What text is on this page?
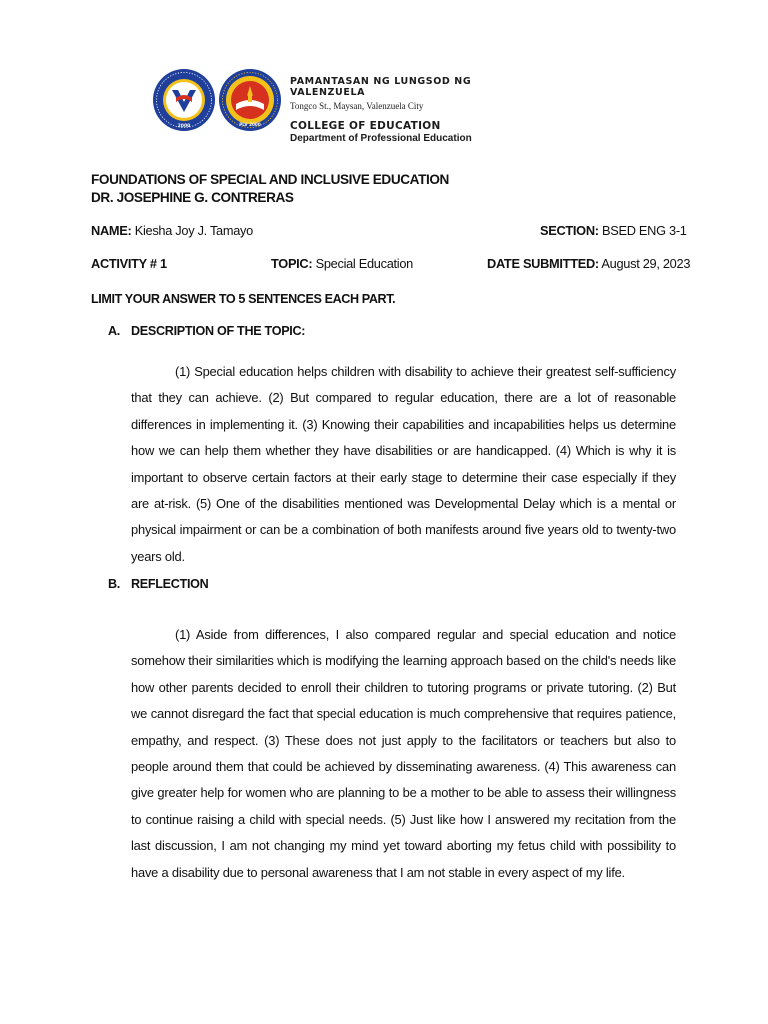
2000	PLV 2000
PAMANTASAN NG LUNGSOD NG VALENZUELA
Tongco St., Maysan, Valenzuela City
COLLEGE OF EDUCATION
Department of Professional Education
FOUNDATIONS OF SPECIAL AND INCLUSIVE EDUCATION
DR. JOSEPHINE G. CONTRERAS
NAME: Kiesha Joy J. Tamayo	SECTION: BSED ENG 3-1
ACTIVITY # 1	TOPIC: Special Education	DATE SUBMITTED: August 29, 2023
LIMIT YOUR ANSWER TO 5 SENTENCES EACH PART.
A. DESCRIPTION OF THE TOPIC:

(1) Special education helps children with disability to achieve their greatest self-sufficiency that they can achieve. (2) But compared to regular education, there are a lot of reasonable differences in implementing it. (3) Knowing their capabilities and incapabilities helps us determine how we can help them whether they have disabilities or are handicapped. (4) Which is why it is important to observe certain factors at their early stage to determine their case especially if they are at-risk. (5) One of the disabilities mentioned was Developmental Delay which is a mental or physical impairment or can be a combination of both manifests around five years old to twenty-two years old.

B. REFLECTION

(1) Aside from differences, I also compared regular and special education and notice somehow their similarities which is modifying the learning approach based on the child's needs like how other parents decided to enroll their children to tutoring programs or private tutoring. (2) But we cannot disregard the fact that special education is much comprehensive that requires patience, empathy, and respect. (3) These does not just apply to the facilitators or teachers but also to people around them that could be achieved by disseminating awareness. (4) This awareness can give greater help for women who are planning to be a mother to be able to assess their willingness to continue raising a child with special needs. (5) Just like how I answered my recitation from the last discussion, I am not changing my mind yet toward aborting my fetus child with possibility to have a disability due to personal awareness that I am not stable in every aspect of my life.
